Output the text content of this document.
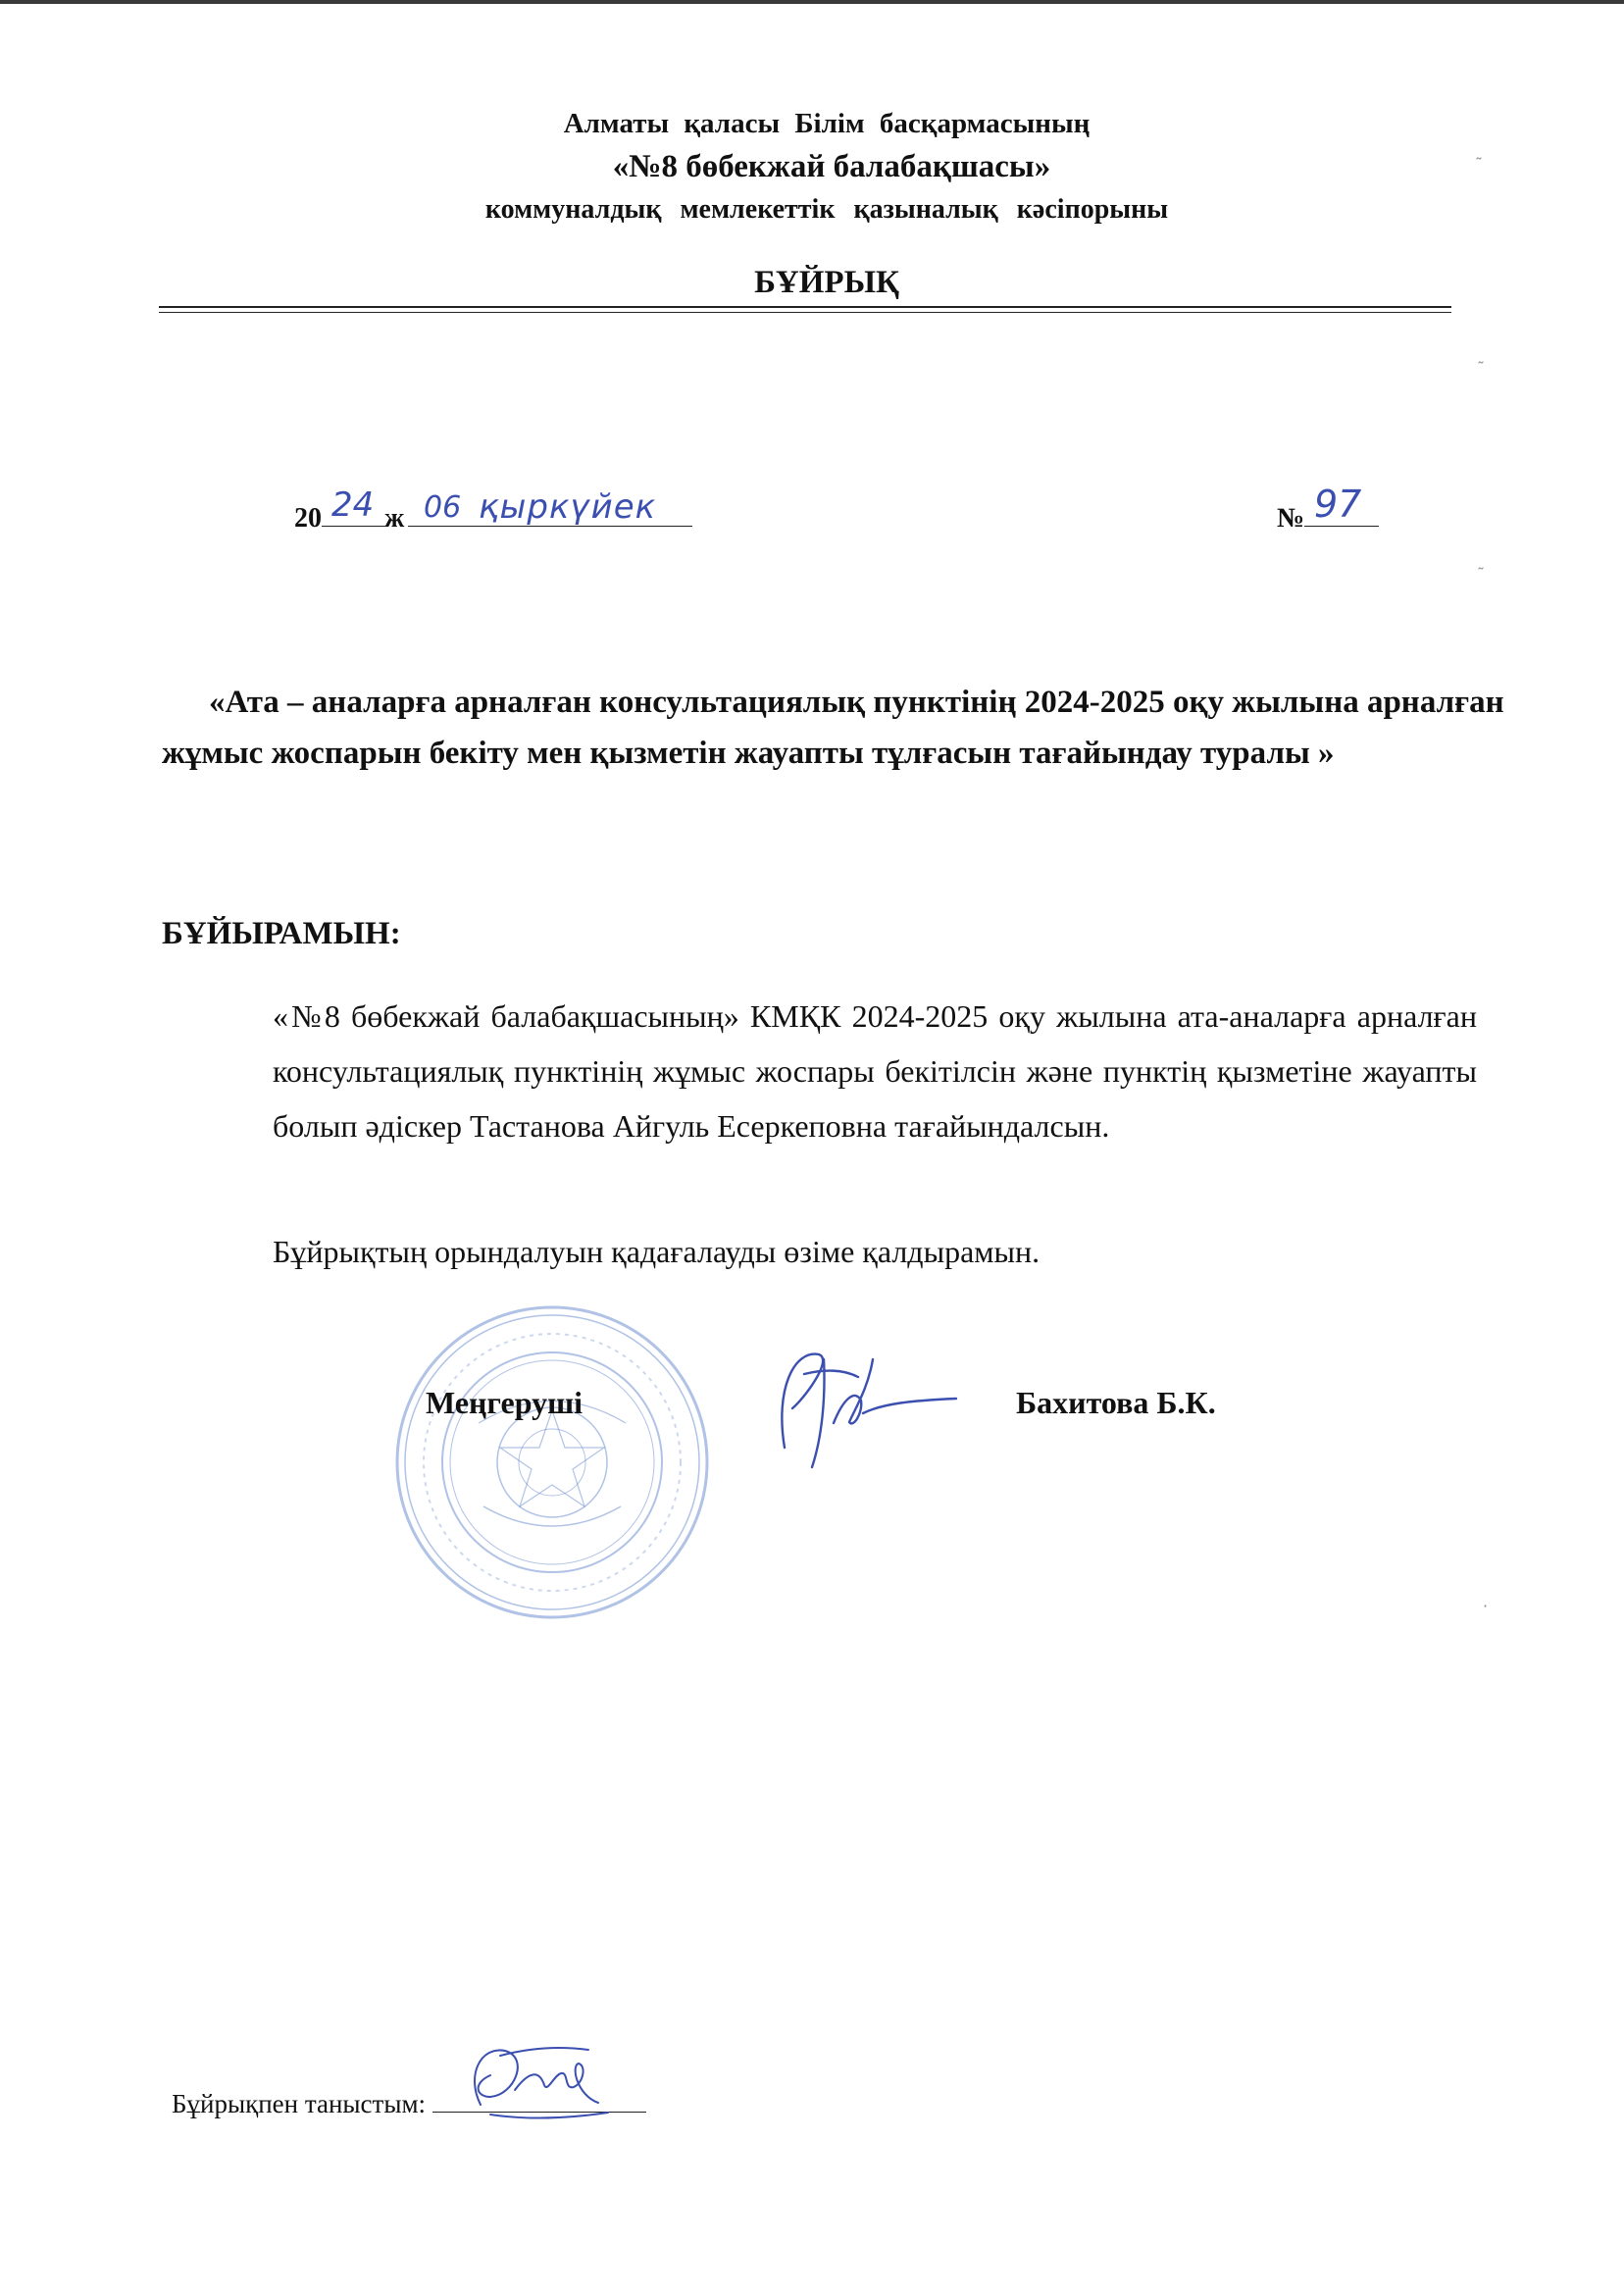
Алматы қаласы Білім басқармасының
«№8 бөбекжай балабақшасы»
коммуналдық мемлекеттік қазыналық кәсіпорыны
БҰЙРЫҚ
20 ж
24 06 қыркүйек	№ 97
«Ата – аналарға арналған консультациялық пунктінің 2024-2025 оқу жылына арналған жұмыс жоспарын бекіту мен қызметін жауапты тұлғасын тағайындау туралы »
БҰЙЫРАМЫН:
«№8 бөбекжай балабақшасының» КМҚК 2024-2025 оқу жылына ата-аналарға арналған консультациялық пунктінің жұмыс жоспары бекітілсін және пунктің қызметіне жауапты болып әдіскер Тастанова Айгуль Есеркеповна тағайындалсын.
Бұйрықтың орындалуын қадағалауды өзіме қалдырамын.
Меңгеруші	Бахитова Б.К.
Бұйрықпен таныстым:
˜
˜
˜
·
